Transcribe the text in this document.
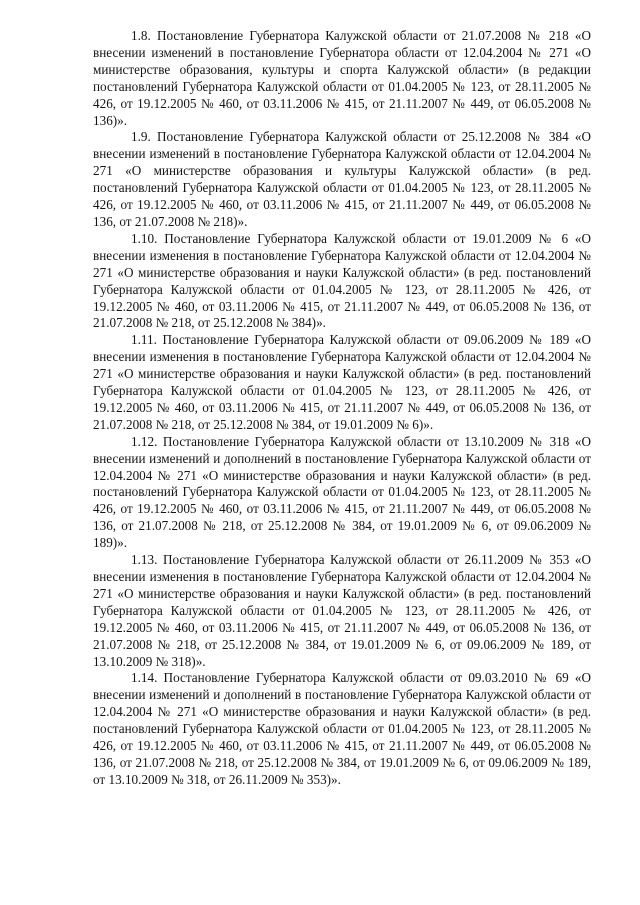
1.8. Постановление Губернатора Калужской области от 21.07.2008 № 218 «О внесении изменений в постановление Губернатора области от 12.04.2004 № 271 «О министерстве образования, культуры и спорта Калужской области» (в редакции постановлений Губернатора Калужской области от 01.04.2005 № 123, от 28.11.2005 № 426, от 19.12.2005 № 460, от 03.11.2006 № 415, от 21.11.2007 № 449, от 06.05.2008 № 136)».

1.9. Постановление Губернатора Калужской области от 25.12.2008 № 384 «О внесении изменений в постановление Губернатора Калужской области от 12.04.2004 № 271 «О министерстве образования и культуры Калужской области» (в ред. постановлений Губернатора Калужской области от 01.04.2005 № 123, от 28.11.2005 № 426, от 19.12.2005 № 460, от 03.11.2006 № 415, от 21.11.2007 № 449, от 06.05.2008 № 136, от 21.07.2008 № 218)».

1.10. Постановление Губернатора Калужской области от 19.01.2009 № 6 «О внесении изменения в постановление Губернатора Калужской области от 12.04.2004 № 271 «О министерстве образования и науки Калужской области» (в ред. постановлений Губернатора Калужской области от 01.04.2005 № 123, от 28.11.2005 № 426, от 19.12.2005 № 460, от 03.11.2006 № 415, от 21.11.2007 № 449, от 06.05.2008 № 136, от 21.07.2008 № 218, от 25.12.2008 № 384)».

1.11. Постановление Губернатора Калужской области от 09.06.2009 № 189 «О внесении изменения в постановление Губернатора Калужской области от 12.04.2004 № 271 «О министерстве образования и науки Калужской области» (в ред. постановлений Губернатора Калужской области от 01.04.2005 № 123, от 28.11.2005 № 426, от 19.12.2005 № 460, от 03.11.2006 № 415, от 21.11.2007 № 449, от 06.05.2008 № 136, от 21.07.2008 № 218, от 25.12.2008 № 384, от 19.01.2009 № 6)».

1.12. Постановление Губернатора Калужской области от 13.10.2009 № 318 «О внесении изменений и дополнений в постановление Губернатора Калужской области от 12.04.2004 № 271 «О министерстве образования и науки Калужской области» (в ред. постановлений Губернатора Калужской области от 01.04.2005 № 123, от 28.11.2005 № 426, от 19.12.2005 № 460, от 03.11.2006 № 415, от 21.11.2007 № 449, от 06.05.2008 № 136, от 21.07.2008 № 218, от 25.12.2008 № 384, от 19.01.2009 № 6, от 09.06.2009 № 189)».

1.13. Постановление Губернатора Калужской области от 26.11.2009 № 353 «О внесении изменения в постановление Губернатора Калужской области от 12.04.2004 № 271 «О министерстве образования и науки Калужской области» (в ред. постановлений Губернатора Калужской области от 01.04.2005 № 123, от 28.11.2005 № 426, от 19.12.2005 № 460, от 03.11.2006 № 415, от 21.11.2007 № 449, от 06.05.2008 № 136, от 21.07.2008 № 218, от 25.12.2008 № 384, от 19.01.2009 № 6, от 09.06.2009 № 189, от 13.10.2009 № 318)».

1.14. Постановление Губернатора Калужской области от 09.03.2010 № 69 «О внесении изменений и дополнений в постановление Губернатора Калужской области от 12.04.2004 № 271 «О министерстве образования и науки Калужской области» (в ред. постановлений Губернатора Калужской области от 01.04.2005 № 123, от 28.11.2005 № 426, от 19.12.2005 № 460, от 03.11.2006 № 415, от 21.11.2007 № 449, от 06.05.2008 № 136, от 21.07.2008 № 218, от 25.12.2008 № 384, от 19.01.2009 № 6, от 09.06.2009 № 189, от 13.10.2009 № 318, от 26.11.2009 № 353)».
